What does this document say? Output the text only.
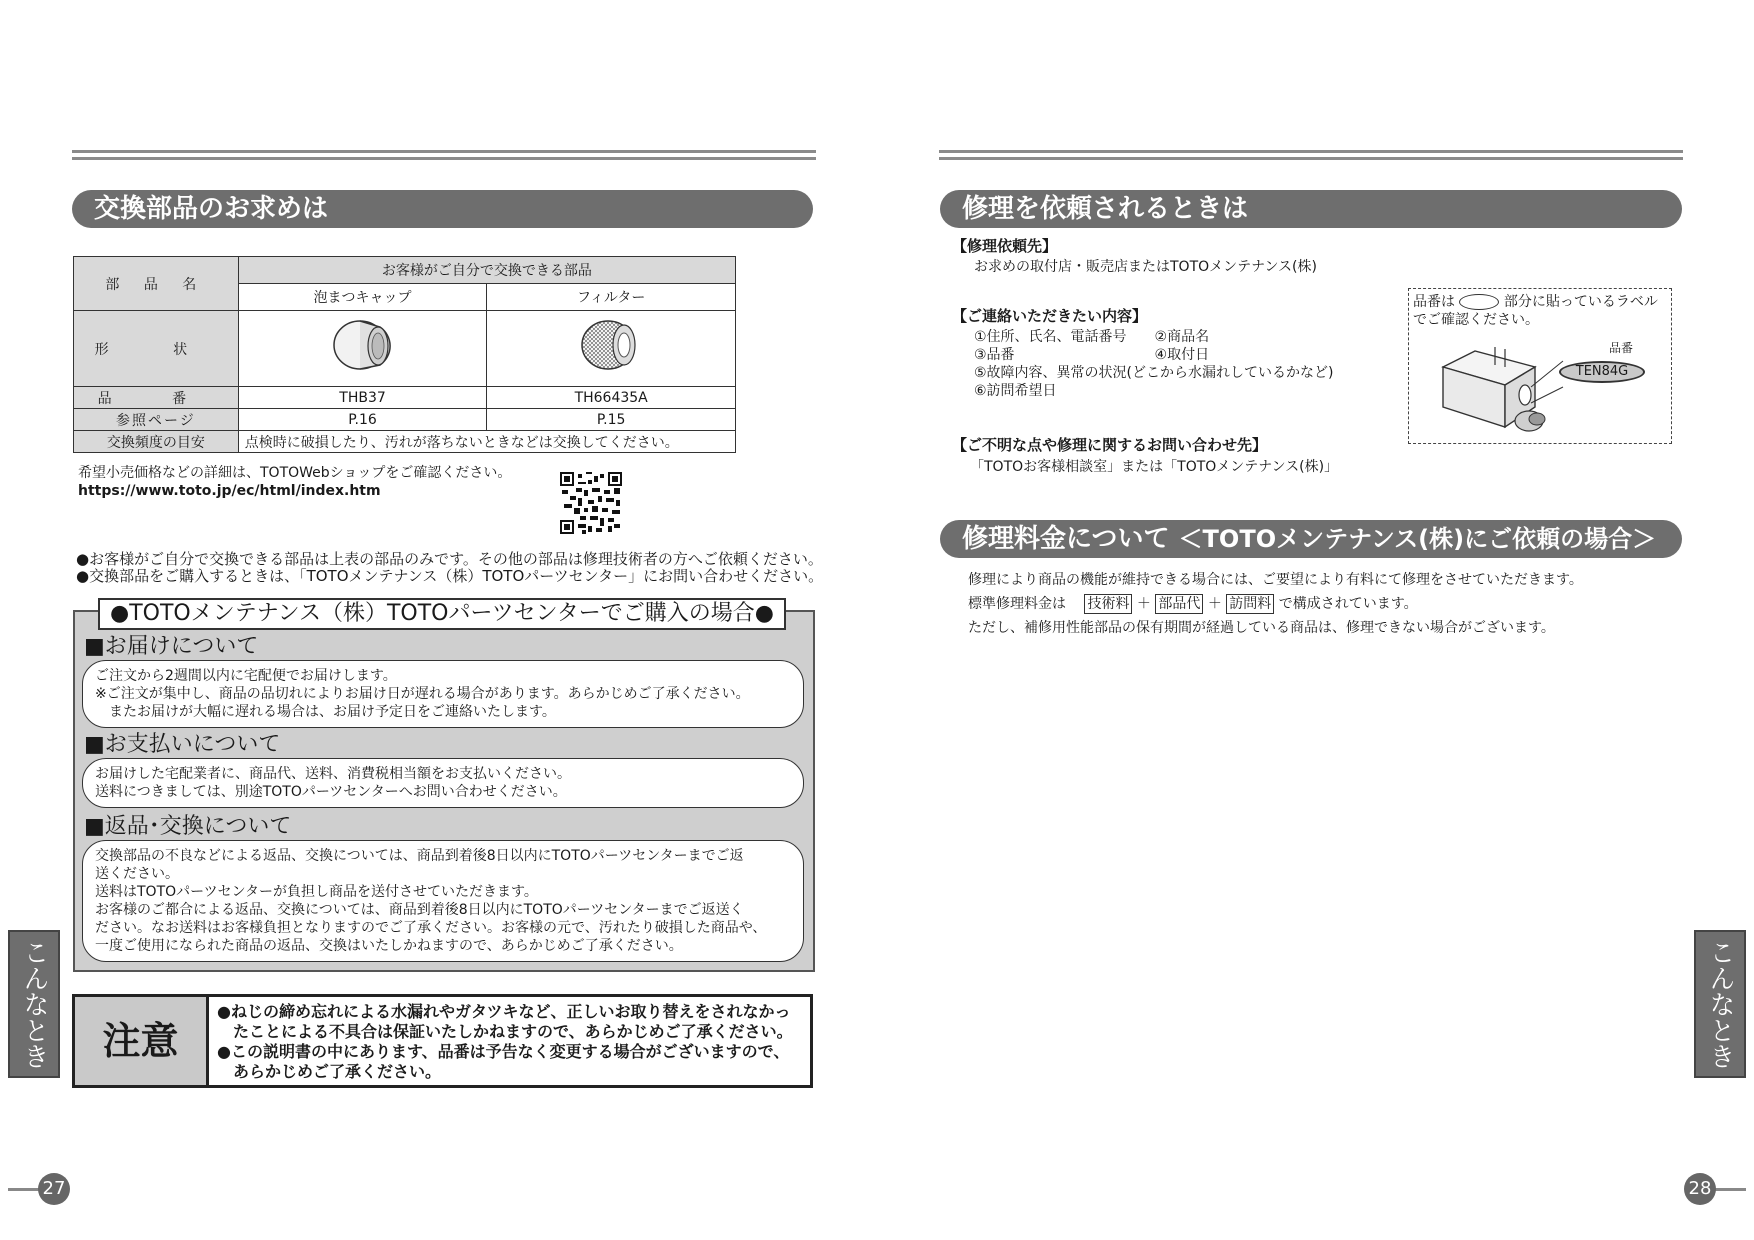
交換部品のお求めは
部 品 名	お客様がご自分で交換できる部品	
	泡まつキャップ	フィルター
形 状		
品 番	THB37	TH66435A
参照ページ	P.16	P.15
交換頻度の目安	点検時に破損したり、汚れが落ちないときなどは交換してください。	
希望小売価格などの詳細は、TOTOWebショップをご確認ください。
https://www.toto.jp/ec/html/index.htm
●お客様がご自分で交換できる部品は上表の部品のみです。その他の部品は修理技術者の方へご依頼ください。
●交換部品をご購入するときは、「TOTOメンテナンス（株）TOTOパーツセンター」にお問い合わせください。
●TOTOメンテナンス（株）TOTOパーツセンターでご購入の場合●
■お届けについて
ご注文から2週間以内に宅配便でお届けします。
※ご注文が集中し、商品の品切れによりお届け日が遅れる場合があります。あらかじめご了承ください。
　またお届けが大幅に遅れる場合は、お届け予定日をご連絡いたします。
■お支払いについて
お届けした宅配業者に、商品代、送料、消費税相当額をお支払いください。
送料につきましては、別途TOTOパーツセンターへお問い合わせください。
■返品･交換について
交換部品の不良などによる返品、交換については、商品到着後8日以内にTOTOパーツセンターまでご返
送ください。
送料はTOTOパーツセンターが負担し商品を送付させていただきます。
お客様のご都合による返品、交換については、商品到着後8日以内にTOTOパーツセンターまでご返送く
ださい。なお送料はお客様負担となりますのでご了承ください。お客様の元で、汚れたり破損した商品や、
一度ご使用になられた商品の返品、交換はいたしかねますので、あらかじめご了承ください。
注意
●ねじの締め忘れによる水漏れやガタツキなど、正しいお取り替えをされなかっ
　たことによる不具合は保証いたしかねますので、あらかじめご了承ください。
●この説明書の中にあります、品番は予告なく変更する場合がございますので、
　あらかじめご了承ください。
こんなとき
27
修理を依頼されるときは
【修理依頼先】
お求めの取付店・販売店またはTOTOメンテナンス(株)
【ご連絡いただきたい内容】
①住所、氏名、電話番号　　②商品名
③品番　　　　　　　　　　④取付日
⑤故障内容、異常の状況(どこから水漏れしているかなど)
⑥訪問希望日
品番は	部分に貼っているラベル
でご確認ください。
品番
TEN84G
【ご不明な点や修理に関するお問い合わせ先】
「TOTOお客様相談室」または「TOTOメンテナンス(株)」
修理料金について ＜TOTOメンテナンス(株)にご依頼の場合＞
修理により商品の機能が維持できる場合には、ご要望により有料にて修理をさせていただきます。
標準修理料金は 技術料 ＋ 部品代 ＋ 訪問料 で構成されています。
ただし、補修用性能部品の保有期間が経過している商品は、修理できない場合がございます。
こんなときは
28
